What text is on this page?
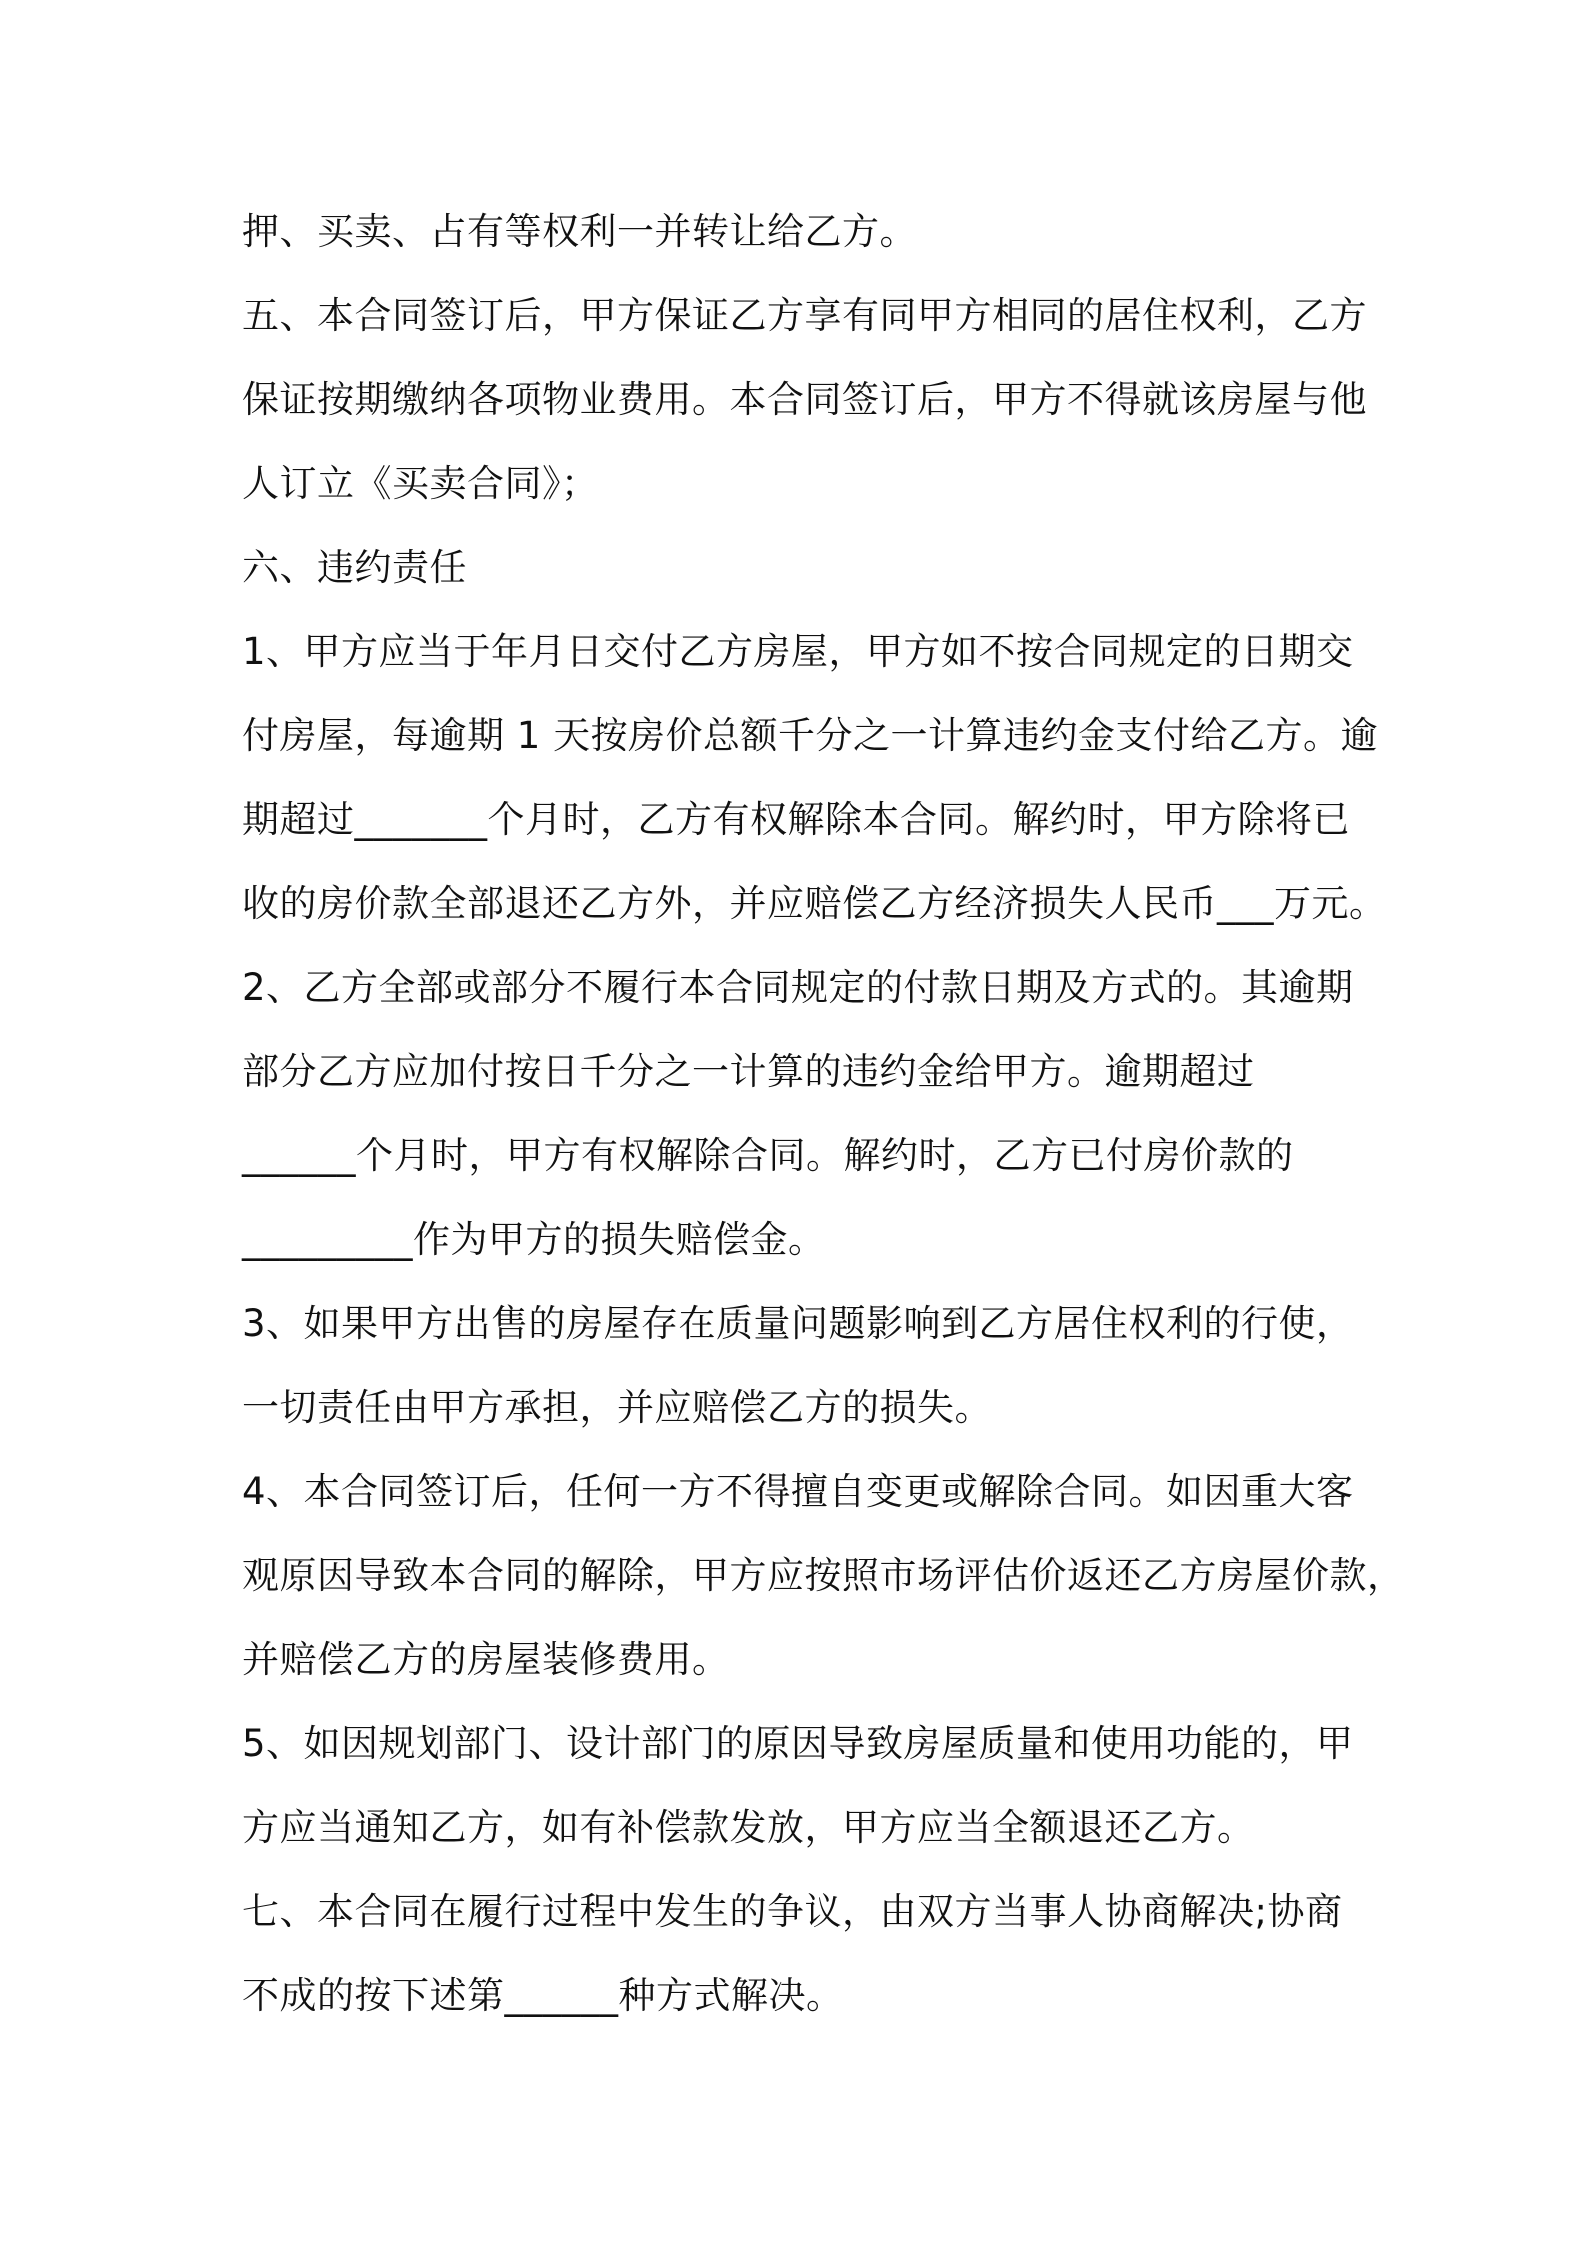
押、买卖、占有等权利一并转让给乙方。
五、本合同签订后，甲方保证乙方享有同甲方相同的居住权利，乙方
保证按期缴纳各项物业费用。本合同签订后，甲方不得就该房屋与他
人订立《买卖合同》；
六、违约责任
1、甲方应当于年月日交付乙方房屋，甲方如不按合同规定的日期交
付房屋，每逾期 1 天按房价总额千分之一计算违约金支付给乙方。逾
期超过_______个月时，乙方有权解除本合同。解约时，甲方除将已
收的房价款全部退还乙方外，并应赔偿乙方经济损失人民币___万元。
2、乙方全部或部分不履行本合同规定的付款日期及方式的。其逾期
部分乙方应加付按日千分之一计算的违约金给甲方。逾期超过
______个月时，甲方有权解除合同。解约时，乙方已付房价款的
_________作为甲方的损失赔偿金。
3、如果甲方出售的房屋存在质量问题影响到乙方居住权利的行使，
一切责任由甲方承担，并应赔偿乙方的损失。
4、本合同签订后，任何一方不得擅自变更或解除合同。如因重大客
观原因导致本合同的解除，甲方应按照市场评估价返还乙方房屋价款，
并赔偿乙方的房屋装修费用。
5、如因规划部门、设计部门的原因导致房屋质量和使用功能的，甲
方应当通知乙方，如有补偿款发放，甲方应当全额退还乙方。
七、本合同在履行过程中发生的争议，由双方当事人协商解决;协商
不成的按下述第______种方式解决。
